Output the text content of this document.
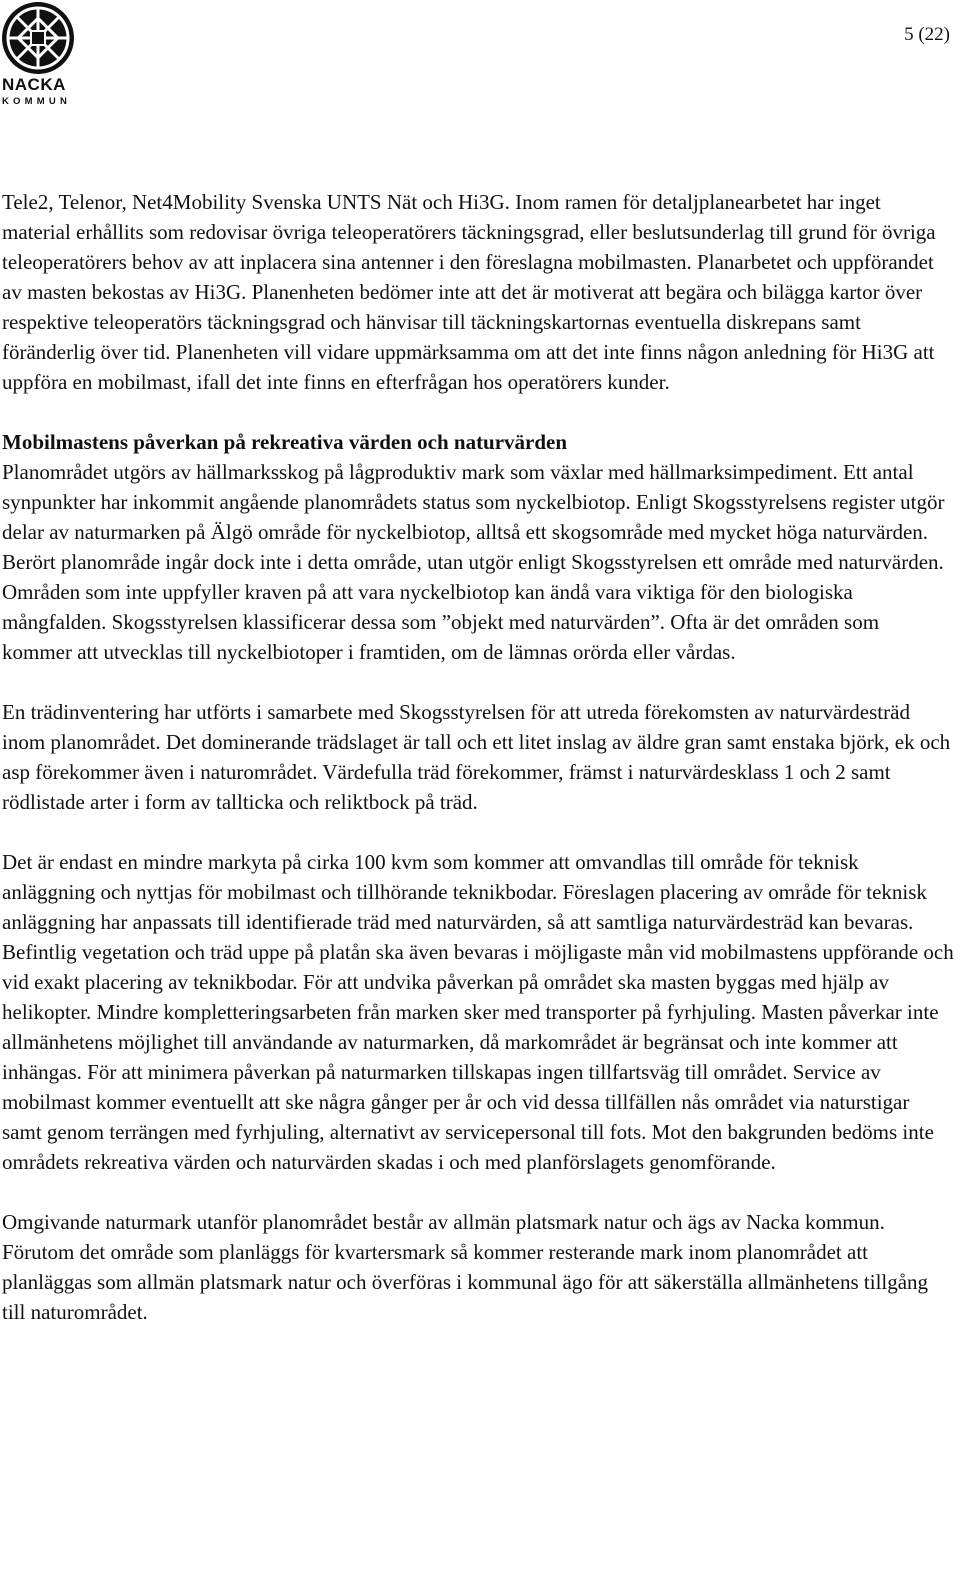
NACKA
KOMMUN
5 (22)

Tele2, Telenor, Net4Mobility Svenska UNTS Nät och Hi3G. Inom ramen för detaljplanearbetet har inget material erhållits som redovisar övriga teleoperatörers täckningsgrad, eller beslutsunderlag till grund för övriga teleoperatörers behov av att inplacera sina antenner i den föreslagna mobilmasten. Planarbetet och uppförandet av masten bekostas av Hi3G. Planenheten bedömer inte att det är motiverat att begära och bilägga kartor över respektive teleoperatörs täckningsgrad och hänvisar till täckningskartornas eventuella diskrepans samt föränderlig över tid. Planenheten vill vidare uppmärksamma om att det inte finns någon anledning för Hi3G att uppföra en mobilmast, ifall det inte finns en efterfrågan hos operatörers kunder.

Mobilmastens påverkan på rekreativa värden och naturvärden

Planområdet utgörs av hällmarksskog på lågproduktiv mark som växlar med hällmarksimpediment. Ett antal synpunkter har inkommit angående planområdets status som nyckelbiotop. Enligt Skogsstyrelsens register utgör delar av naturmarken på Älgö område för nyckelbiotop, alltså ett skogsområde med mycket höga naturvärden. Berört planområde ingår dock inte i detta område, utan utgör enligt Skogsstyrelsen ett område med naturvärden. Områden som inte uppfyller kraven på att vara nyckelbiotop kan ändå vara viktiga för den biologiska mångfalden. Skogsstyrelsen klassificerar dessa som ”objekt med naturvärden”. Ofta är det områden som kommer att utvecklas till nyckelbiotoper i framtiden, om de lämnas orörda eller vårdas.

En trädinventering har utförts i samarbete med Skogsstyrelsen för att utreda förekomsten av naturvärdesträd inom planområdet. Det dominerande trädslaget är tall och ett litet inslag av äldre gran samt enstaka björk, ek och asp förekommer även i naturområdet. Värdefulla träd förekommer, främst i naturvärdesklass 1 och 2 samt rödlistade arter i form av tallticka och reliktbock på träd.

Det är endast en mindre markyta på cirka 100 kvm som kommer att omvandlas till område för teknisk anläggning och nyttjas för mobilmast och tillhörande teknikbodar. Föreslagen placering av område för teknisk anläggning har anpassats till identifierade träd med naturvärden, så att samtliga naturvärdesträd kan bevaras. Befintlig vegetation och träd uppe på platån ska även bevaras i möjligaste mån vid mobilmastens uppförande och vid exakt placering av teknikbodar. För att undvika påverkan på området ska masten byggas med hjälp av helikopter. Mindre kompletteringsarbeten från marken sker med transporter på fyrhjuling. Masten påverkar inte allmänhetens möjlighet till användande av naturmarken, då markområdet är begränsat och inte kommer att inhängas. För att minimera påverkan på naturmarken tillskapas ingen tillfartsväg till området. Service av mobilmast kommer eventuellt att ske några gånger per år och vid dessa tillfällen nås området via naturstigar samt genom terrängen med fyrhjuling, alternativt av servicepersonal till fots. Mot den bakgrunden bedöms inte områdets rekreativa värden och naturvärden skadas i och med planförslagets genomförande.

Omgivande naturmark utanför planområdet består av allmän platsmark natur och ägs av Nacka kommun. Förutom det område som planläggs för kvartersmark så kommer resterande mark inom planområdet att planläggas som allmän platsmark natur och överföras i kommunal ägo för att säkerställa allmänhetens tillgång till naturområdet.
